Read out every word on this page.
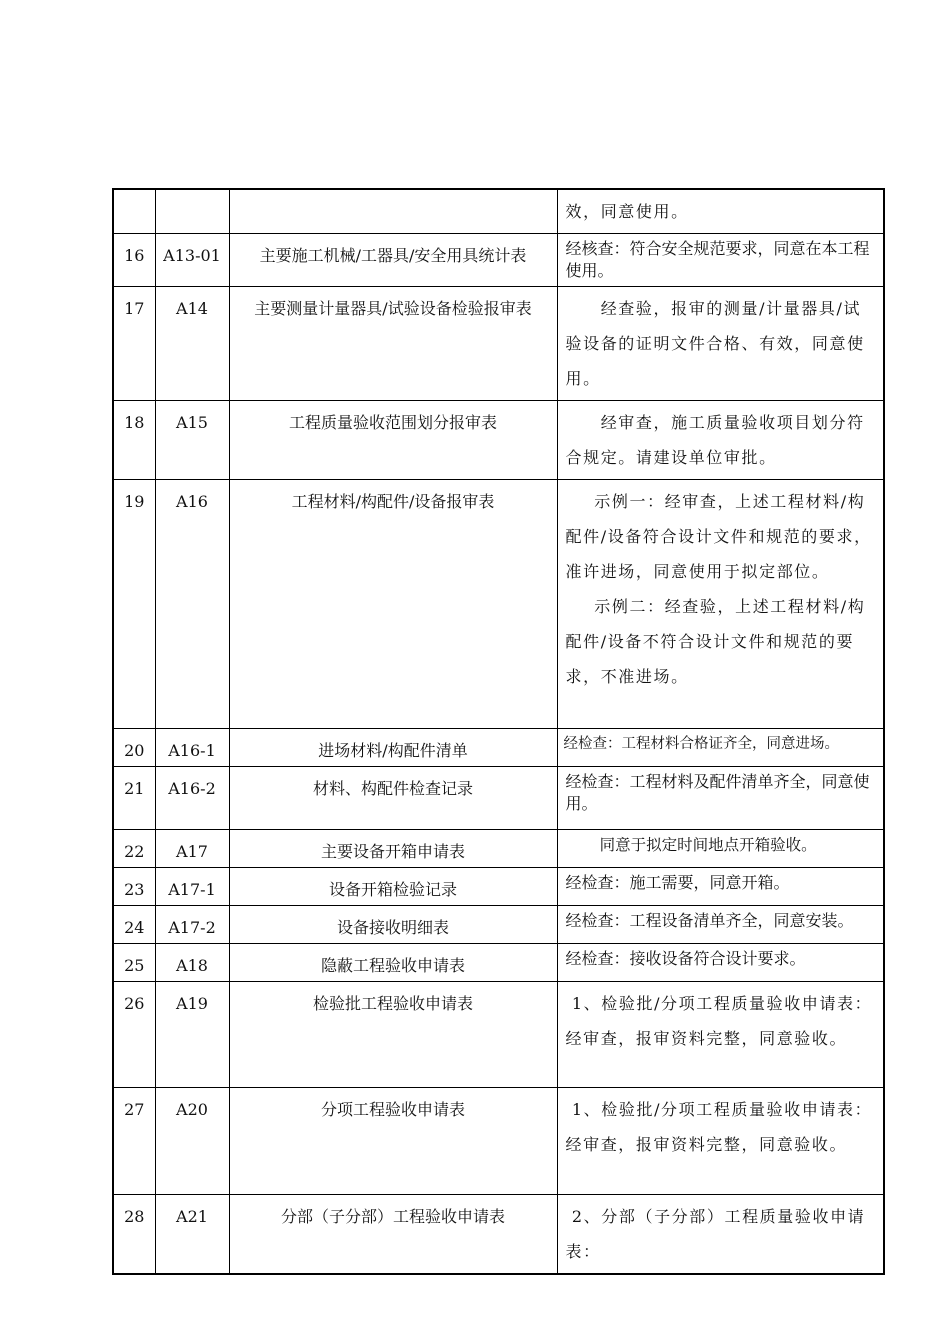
			效，同意使用。

16	A13-01	主要施工机械/工器具/安全用具统计表	经核查：符合安全规范要求，同意在本工程使用。

17	A14	主要测量计量器具/试验设备检验报审表	经查验，报审的测量/计量器具/试验设备的证明文件合格、有效，同意使用。

18	A15	工程质量验收范围划分报审表	经审查，施工质量验收项目划分符合规定。请建设单位审批。

19	A16	工程材料/构配件/设备报审表	示例一：经审查，上述工程材料/构配件/设备符合设计文件和规范的要求，准许进场，同意使用于拟定部位。

示例二：经查验，上述工程材料/构配件/设备不符合设计文件和规范的要求，不准进场。

20	A16-1	进场材料/构配件清单	经检查：工程材料合格证齐全，同意进场。

21	A16-2	材料、构配件检查记录	经检查：工程材料及配件清单齐全，同意使用。

22	A17	主要设备开箱申请表	同意于拟定时间地点开箱验收。

23	A17-1	设备开箱检验记录	经检查：施工需要，同意开箱。

24	A17-2	设备接收明细表	经检查：工程设备清单齐全，同意安装。

25	A18	隐蔽工程验收申请表	经检查：接收设备符合设计要求。

26	A19	检验批工程验收申请表	1、检验批/分项工程质量验收申请表：经审查，报审资料完整，同意验收。

27	A20	分项工程验收申请表	1、检验批/分项工程质量验收申请表：经审查，报审资料完整，同意验收。

28	A21	分部（子分部）工程验收申请表	2、分部（子分部）工程质量验收申请表：
